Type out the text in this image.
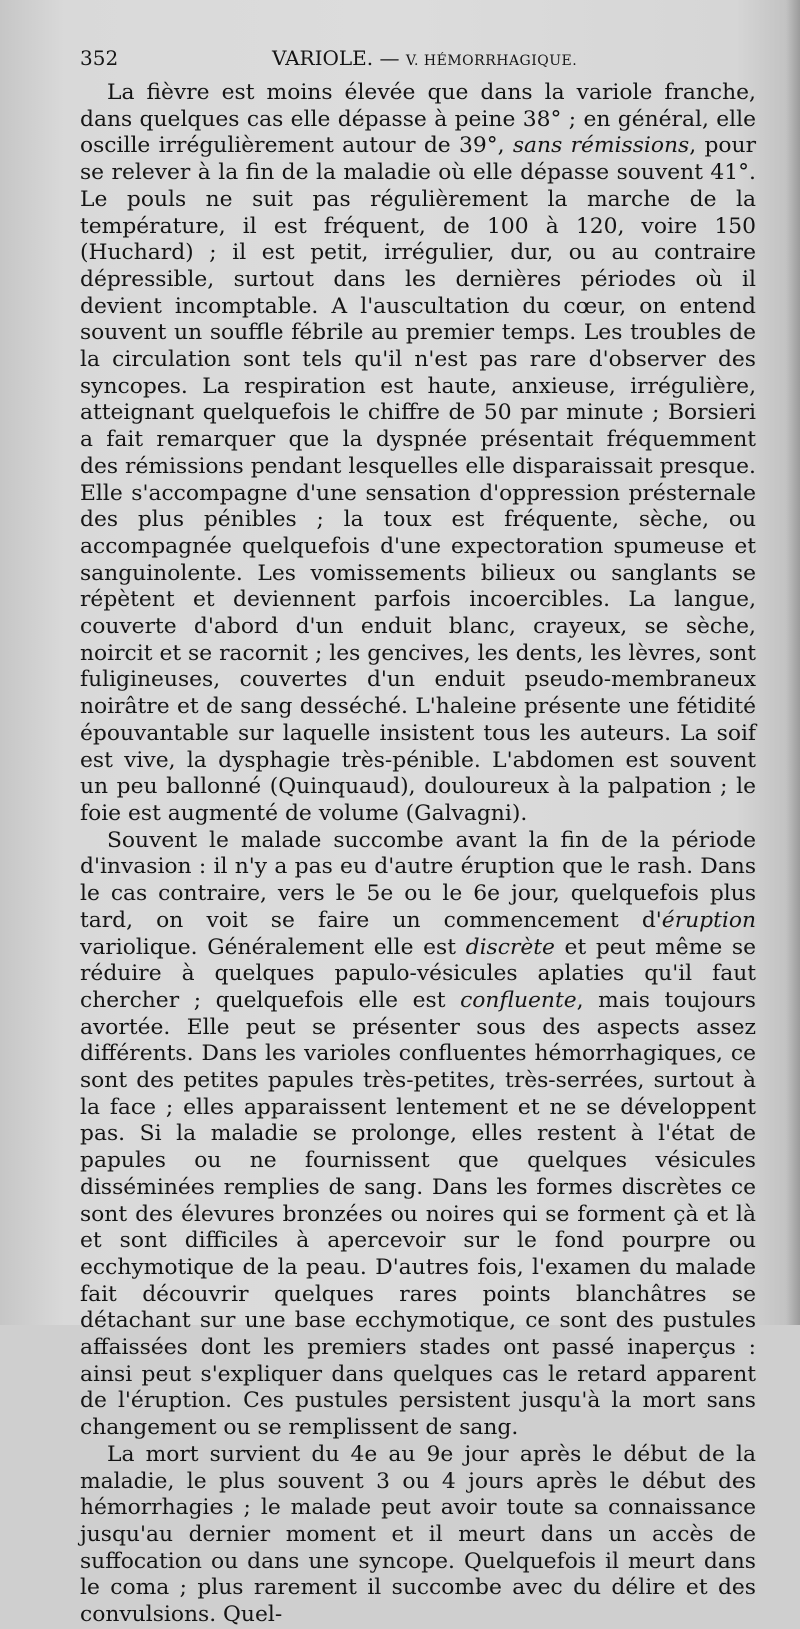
352	VARIOLE. — V. HÉMORRHAGIQUE.

La fièvre est moins élevée que dans la variole franche, dans quelques cas elle dépasse à peine 38° ; en général, elle oscille irrégulièrement autour de 39°, sans rémissions, pour se relever à la fin de la maladie où elle dépasse souvent 41°. Le pouls ne suit pas régulièrement la marche de la température, il est fréquent, de 100 à 120, voire 150 (Huchard) ; il est petit, irrégulier, dur, ou au contraire dépressible, surtout dans les dernières périodes où il devient incomptable. A l'auscultation du cœur, on entend souvent un souffle fébrile au premier temps. Les troubles de la circulation sont tels qu'il n'est pas rare d'observer des syncopes. La respiration est haute, anxieuse, irrégulière, atteignant quelquefois le chiffre de 50 par minute ; Borsieri a fait remarquer que la dyspnée présentait fréquemment des rémissions pendant lesquelles elle disparaissait presque. Elle s'accompagne d'une sensation d'oppression présternale des plus pénibles ; la toux est fréquente, sèche, ou accompagnée quelquefois d'une expectoration spumeuse et sanguinolente. Les vomissements bilieux ou sanglants se répètent et deviennent parfois incoercibles. La langue, couverte d'abord d'un enduit blanc, crayeux, se sèche, noircit et se racornit ; les gencives, les dents, les lèvres, sont fuligineuses, couvertes d'un enduit pseudo-membraneux noirâtre et de sang desséché. L'haleine présente une fétidité épouvantable sur laquelle insistent tous les auteurs. La soif est vive, la dysphagie très-pénible. L'abdomen est souvent un peu ballonné (Quinquaud), douloureux à la palpation ; le foie est augmenté de volume (Galvagni).

Souvent le malade succombe avant la fin de la période d'invasion : il n'y a pas eu d'autre éruption que le rash. Dans le cas contraire, vers le 5e ou le 6e jour, quelquefois plus tard, on voit se faire un commencement d'éruption variolique. Généralement elle est discrète et peut même se réduire à quelques papulo-vésicules aplaties qu'il faut chercher ; quelquefois elle est confluente, mais toujours avortée. Elle peut se présenter sous des aspects assez différents. Dans les varioles confluentes hémorrhagiques, ce sont des petites papules très-petites, très-serrées, surtout à la face ; elles apparaissent lentement et ne se développent pas. Si la maladie se prolonge, elles restent à l'état de papules ou ne fournissent que quelques vésicules disséminées remplies de sang. Dans les formes discrètes ce sont des élevures bronzées ou noires qui se forment çà et là et sont difficiles à apercevoir sur le fond pourpre ou ecchymotique de la peau. D'autres fois, l'examen du malade fait découvrir quelques rares points blanchâtres se détachant sur une base ecchymotique, ce sont des pustules affaissées dont les premiers stades ont passé inaperçus : ainsi peut s'expliquer dans quelques cas le retard apparent de l'éruption. Ces pustules persistent jusqu'à la mort sans changement ou se remplissent de sang.

La mort survient du 4e au 9e jour après le début de la maladie, le plus souvent 3 ou 4 jours après le début des hémorrhagies ; le malade peut avoir toute sa connaissance jusqu'au dernier moment et il meurt dans un accès de suffocation ou dans une syncope. Quelquefois il meurt dans le coma ; plus rarement il succombe avec du délire et des convulsions. Quel-
